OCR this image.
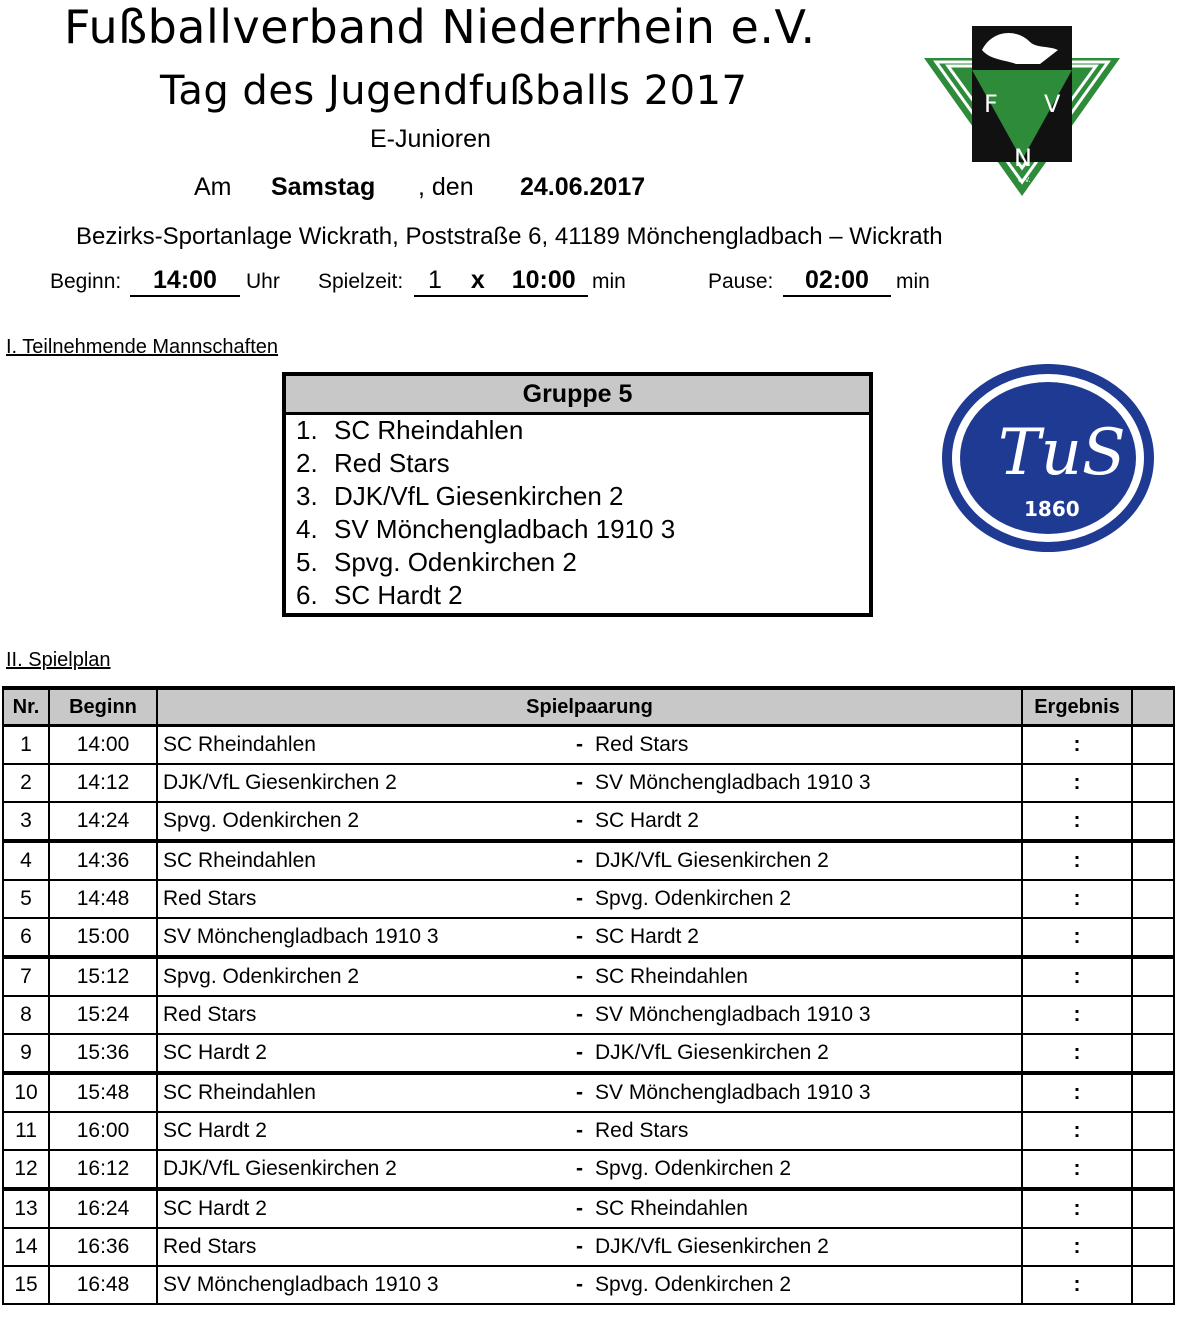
Fußballverband Niederrhein e.V.
Tag des Jugendfußballs 2017
E-Junioren
Am Samstag , den 24.06.2017
Bezirks-Sportanlage Wickrath, Poststraße 6, 41189 Mönchengladbach – Wickrath
Beginn:	14:00	Uhr Spielzeit: 1 x 10:00 min	Pause:	02:00	min
F V
N
e.V.
I. Teilnehmende Mannschaften
Gruppe 5
1. SC Rheindahlen
2. Red Stars
3. DJK/VfL Giesenkirchen 2
4. SV Mönchengladbach 1910 3
5. Spvg. Odenkirchen 2
6. SC Hardt 2
TuS
1860
II. Spielplan
Nr.	Beginn	Spielpaarung			Ergebnis	
1	14:00	SC Rheindahlen	-	Red Stars	:	
2	14:12	DJK/VfL Giesenkirchen 2	-	SV Mönchengladbach 1910 3	:	
3	14:24	Spvg. Odenkirchen 2	-	SC Hardt 2	:	
4	14:36	SC Rheindahlen	-	DJK/VfL Giesenkirchen 2	:	
5	14:48	Red Stars	-	Spvg. Odenkirchen 2	:	
6	15:00	SV Mönchengladbach 1910 3	-	SC Hardt 2	:	
7	15:12	Spvg. Odenkirchen 2	-	SC Rheindahlen	:	
8	15:24	Red Stars	-	SV Mönchengladbach 1910 3	:	
9	15:36	SC Hardt 2	-	DJK/VfL Giesenkirchen 2	:	
10	15:48	SC Rheindahlen	-	SV Mönchengladbach 1910 3	:	
11	16:00	SC Hardt 2	-	Red Stars	:	
12	16:12	DJK/VfL Giesenkirchen 2	-	Spvg. Odenkirchen 2	:	
13	16:24	SC Hardt 2	-	SC Rheindahlen	:	
14	16:36	Red Stars	-	DJK/VfL Giesenkirchen 2	:	
15	16:48	SV Mönchengladbach 1910 3	-	Spvg. Odenkirchen 2	:	
